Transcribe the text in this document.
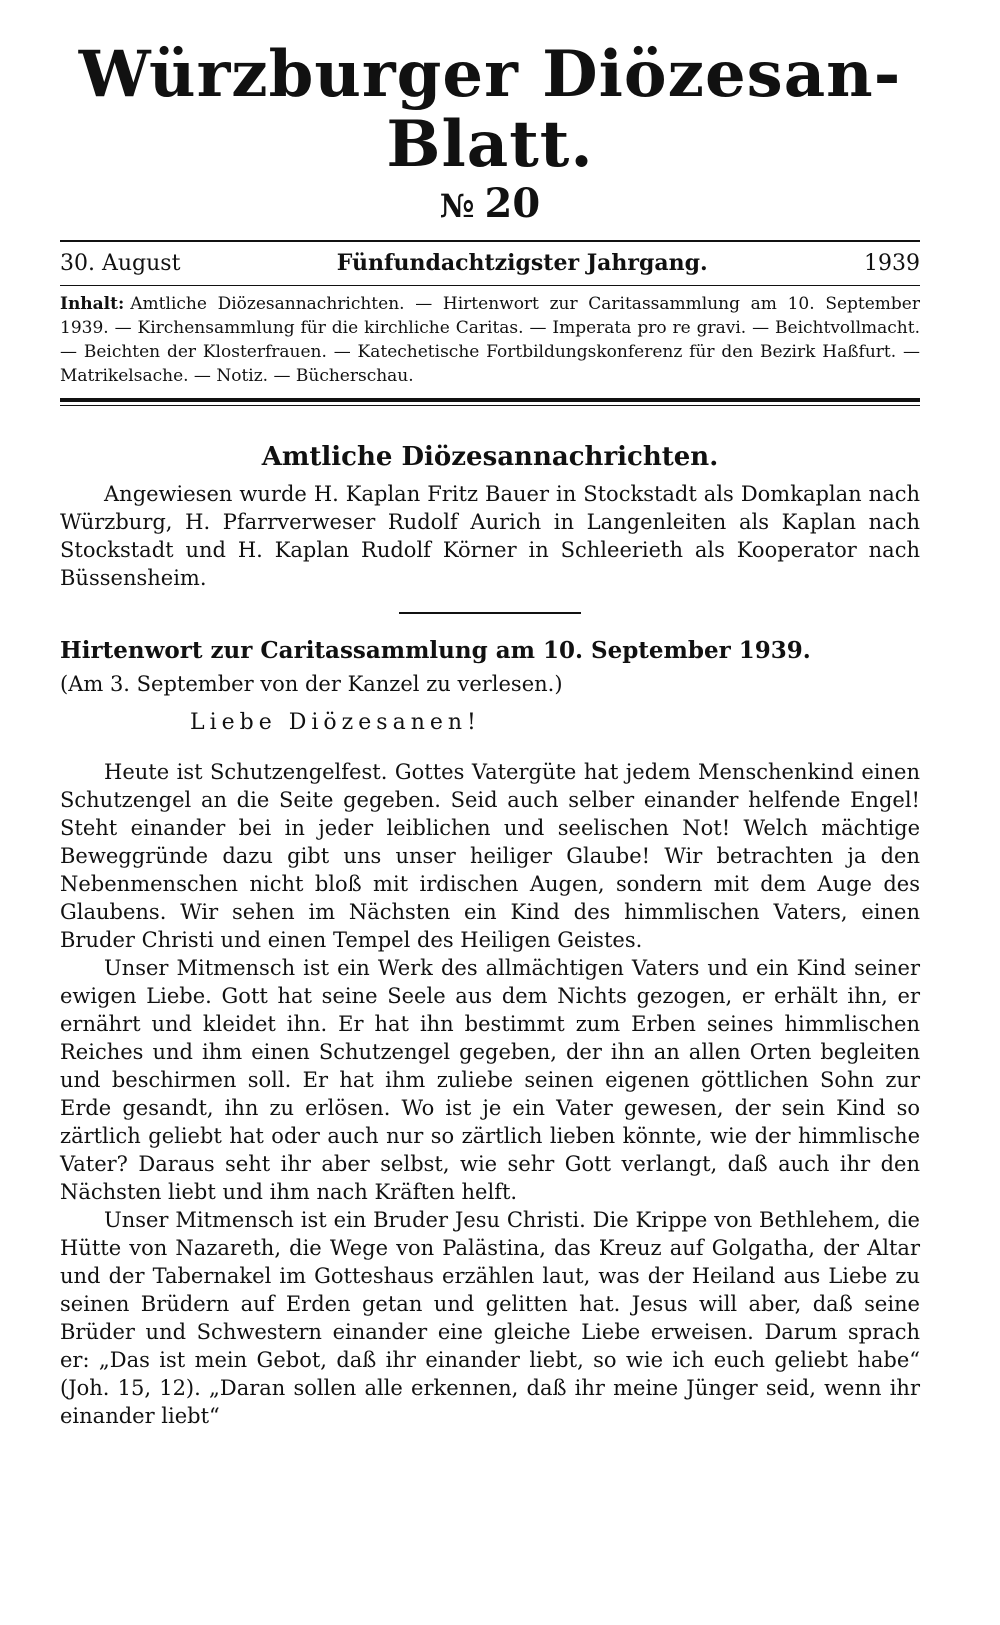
Würzburger Diözesan-Blatt.
№ 20
30. August	Fünfundachtzigster Jahrgang.	1939

Inhalt: Amtliche Diözesannachrichten. — Hirtenwort zur Caritassammlung am 10. September 1939. — Kirchensammlung für die kirchliche Caritas. — Imperata pro re gravi. — Beichtvollmacht. — Beichten der Klosterfrauen. — Katechetische Fortbildungskonferenz für den Bezirk Haßfurt. — Matrikelsache. — Notiz. — Bücherschau.

Amtliche Diözesannachrichten.

Angewiesen wurde H. Kaplan Fritz Bauer in Stockstadt als Domkaplan nach Würzburg, H. Pfarrverweser Rudolf Aurich in Langenleiten als Kaplan nach Stockstadt und H. Kaplan Rudolf Körner in Schleerieth als Kooperator nach Büssensheim.

Hirtenwort zur Caritassammlung am 10. September 1939.

(Am 3. September von der Kanzel zu verlesen.)

Liebe Diözesanen!

Heute ist Schutzengelfest. Gottes Vatergüte hat jedem Menschenkind einen Schutzengel an die Seite gegeben. Seid auch selber einander helfende Engel! Steht einander bei in jeder leiblichen und seelischen Not! Welch mächtige Beweggründe dazu gibt uns unser heiliger Glaube! Wir betrachten ja den Nebenmenschen nicht bloß mit irdischen Augen, sondern mit dem Auge des Glaubens. Wir sehen im Nächsten ein Kind des himmlischen Vaters, einen Bruder Christi und einen Tempel des Heiligen Geistes.

Unser Mitmensch ist ein Werk des allmächtigen Vaters und ein Kind seiner ewigen Liebe. Gott hat seine Seele aus dem Nichts gezogen, er erhält ihn, er ernährt und kleidet ihn. Er hat ihn bestimmt zum Erben seines himmlischen Reiches und ihm einen Schutzengel gegeben, der ihn an allen Orten begleiten und beschirmen soll. Er hat ihm zuliebe seinen eigenen göttlichen Sohn zur Erde gesandt, ihn zu erlösen. Wo ist je ein Vater gewesen, der sein Kind so zärtlich geliebt hat oder auch nur so zärtlich lieben könnte, wie der himmlische Vater? Daraus seht ihr aber selbst, wie sehr Gott verlangt, daß auch ihr den Nächsten liebt und ihm nach Kräften helft.

Unser Mitmensch ist ein Bruder Jesu Christi. Die Krippe von Bethlehem, die Hütte von Nazareth, die Wege von Palästina, das Kreuz auf Golgatha, der Altar und der Tabernakel im Gotteshaus erzählen laut, was der Heiland aus Liebe zu seinen Brüdern auf Erden getan und gelitten hat. Jesus will aber, daß seine Brüder und Schwestern einander eine gleiche Liebe erweisen. Darum sprach er: „Das ist mein Gebot, daß ihr einander liebt, so wie ich euch geliebt habe“ (Joh. 15, 12). „Daran sollen alle erkennen, daß ihr meine Jünger seid, wenn ihr einander liebt“
